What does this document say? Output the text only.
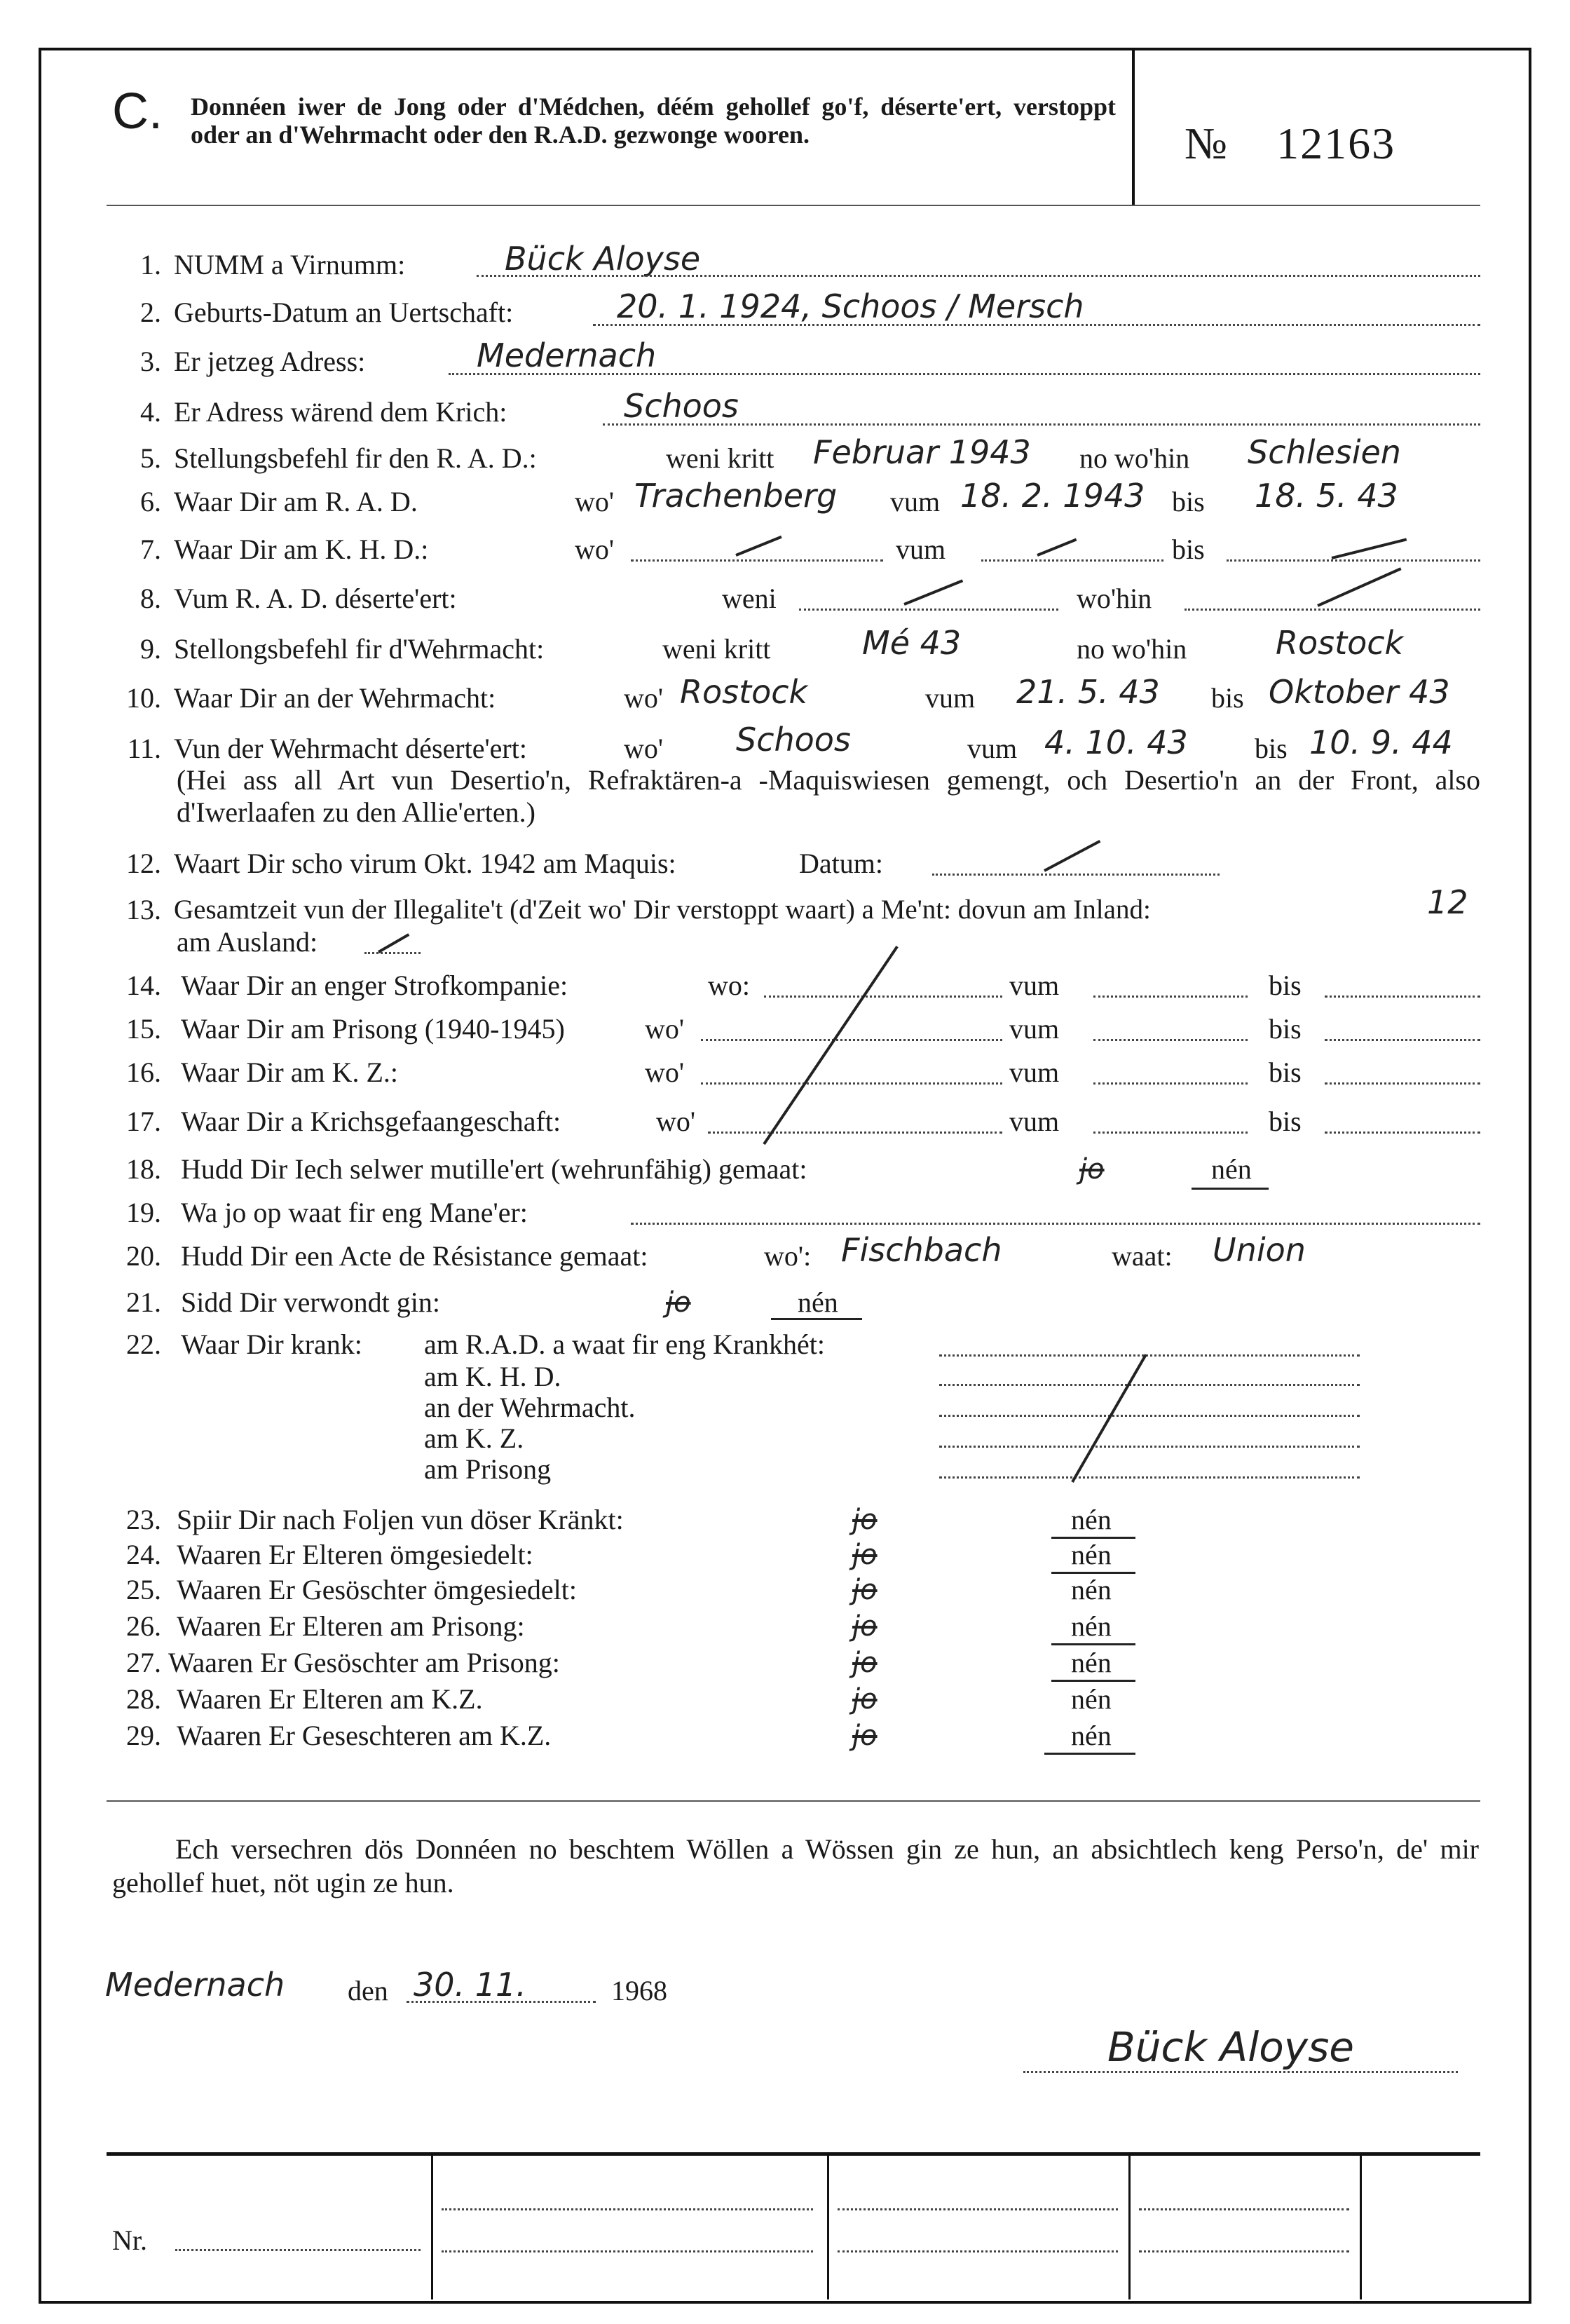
C. Donnéen iwer de Jong oder d'Médchen, déém gehollef go'f, déserte'ert, verstoppt oder an d'Wehrmacht oder den R.A.D. gezwonge wooren.	№ 12163
1. NUMM a Virnumm:	Bück Aloyse
2. Geburts-Datum an Uertschaft:	20. 1. 1924, Schoos / Mersch
3. Er jetzeg Adress:	Medernach
4. Er Adress wärend dem Krich:	Schoos
5. Stellungsbefehl fir den R. A. D.:	weni kritt Februar 1943 no wo'hin Schlesien
6. Waar Dir am R. A. D.	wo' Trachenberg vum 18. 2. 1943 bis 18. 5. 43
7. Waar Dir am K. H. D.:	wo'	vum	bis
8. Vum R. A. D. déserte'ert:	weni	wo'hin
9. Stellongsbefehl fir d'Wehrmacht:	weni kritt	Mé 43	no wo'hin	Rostock
10. Waar Dir an der Wehrmacht:	wo' Rostock	vum 21. 5. 43 bis Oktober 43
11. Vun der Wehrmacht déserte'ert:	wo' Schoos	vum 4. 10. 43 bis 10. 9. 44
(Hei ass all Art vun Desertio'n, Refraktären-a -Maquiswiesen gemengt, och Desertio'n an der Front, also d'Iwerlaafen zu den Allie'erten.)
12. Waart Dir scho virum Okt. 1942 am Maquis:	Datum:
13. Gesamtzeit vun der Illegalite't (d'Zeit wo' Dir verstoppt waart) a Me'nt: dovun am Inland:	12
am Ausland:
14. Waar Dir an enger Strofkompanie:	wo:	vum	bis
15. Waar Dir am Prisong (1940-1945)	wo'	vum	bis
16. Waar Dir am K. Z.:	wo'	vum	bis
17. Waar Dir a Krichsgefaangeschaft:	wo'	vum	bis
18. Hudd Dir Iech selwer mutille'ert (wehrunfähig) gemaat:	jo	nén
19. Wa jo op waat fir eng Mane'er:
20. Hudd Dir een Acte de Résistance gemaat:	wo': Fischbach	waat: Union
21. Sidd Dir verwondt gin:	jo	nén
22. Waar Dir krank: am R.A.D. a waat fir eng Krankhét:
am K. H. D.
an der Wehrmacht.
am K. Z.
am Prisong
23. Spiir Dir nach Foljen vun döser Kränkt:	jo	nén
24. Waaren Er Elteren ömgesiedelt:	jo	nén
25. Waaren Er Gesöschter ömgesiedelt:	jo	nén
26. Waaren Er Elteren am Prisong:	jo	nén
27. Waaren Er Gesöschter am Prisong:	jo	nén
28. Waaren Er Elteren am K.Z.	jo	nén
29. Waaren Er Geseschteren am K.Z.	jo	nén
Ech versechren dös Donnéen no beschtem Wöllen a Wössen gin ze hun, an absichtlech keng Perso'n, de' mir gehollef huet, nöt ugin ze hun.
Medernach den 30. 11.	1968
Bück Aloyse
Nr.
